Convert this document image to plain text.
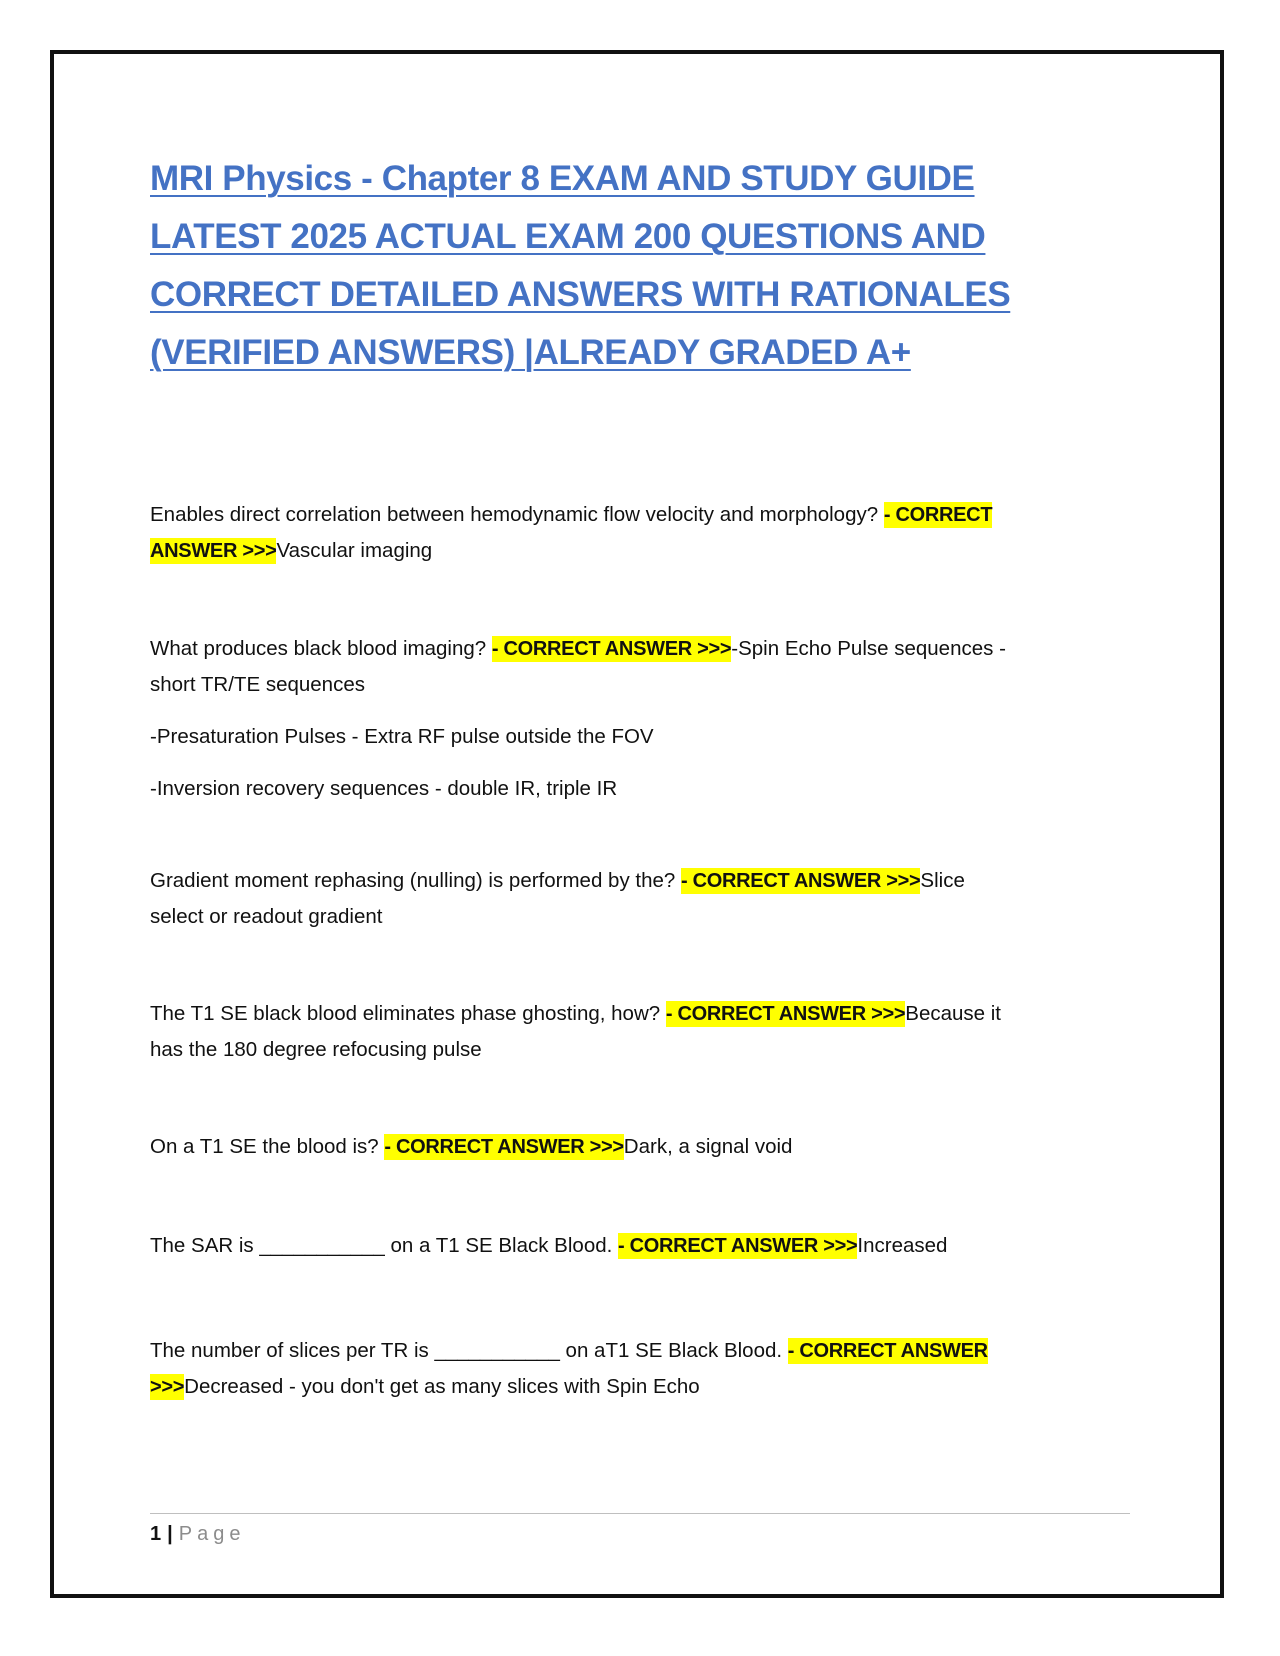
MRI Physics - Chapter 8 EXAM AND STUDY GUIDE
LATEST 2025 ACTUAL EXAM 200 QUESTIONS AND
CORRECT DETAILED ANSWERS WITH RATIONALES
(VERIFIED ANSWERS) |ALREADY GRADED A+
Enables direct correlation between hemodynamic flow velocity and morphology? - CORRECT
ANSWER >>>Vascular imaging
What produces black blood imaging? - CORRECT ANSWER >>>-Spin Echo Pulse sequences -
short TR/TE sequences
-Presaturation Pulses - Extra RF pulse outside the FOV
-Inversion recovery sequences - double IR, triple IR
Gradient moment rephasing (nulling) is performed by the? - CORRECT ANSWER >>>Slice
select or readout gradient
The T1 SE black blood eliminates phase ghosting, how? - CORRECT ANSWER >>>Because it
has the 180 degree refocusing pulse
On a T1 SE the blood is? - CORRECT ANSWER >>>Dark, a signal void
The SAR is ___________ on a T1 SE Black Blood. - CORRECT ANSWER >>>Increased
The number of slices per TR is ___________ on aT1 SE Black Blood. - CORRECT ANSWER
>>>Decreased - you don't get as many slices with Spin Echo
1 | Page
